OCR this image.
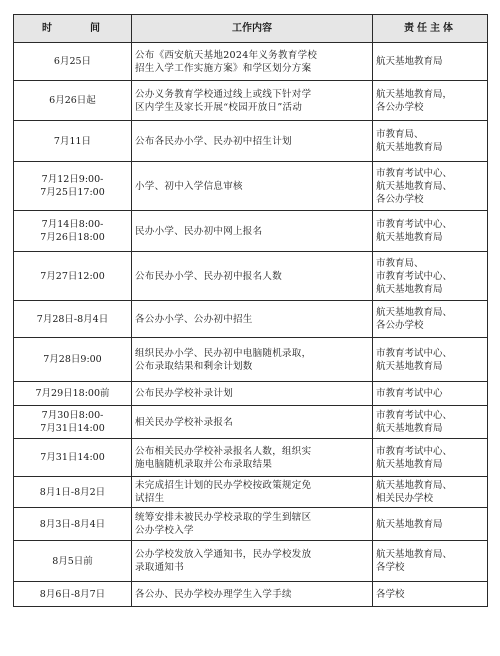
时　间	工作内容	责任主体

6月25日	公布《西安航天基地2024年义务教育学校
招生入学工作实施方案》和学区划分方案	航天基地教育局

6月26日起	公办义务教育学校通过线上或线下针对学
区内学生及家长开展“校园开放日”活动	航天基地教育局，
各公办学校

7月11日	公布各民办小学、民办初中招生计划	市教育局、
航天基地教育局

7月12日9:00-
7月25日17:00	小学、初中入学信息审核	市教育考试中心、
航天基地教育局、
各公办学校

7月14日8:00-
7月26日18:00	民办小学、民办初中网上报名	市教育考试中心、
航天基地教育局

7月27日12:00	公布民办小学、民办初中报名人数	市教育局、
市教育考试中心、
航天基地教育局

7月28日-8月4日	各公办小学、公办初中招生	航天基地教育局、
各公办学校

7月28日9:00	组织民办小学、民办初中电脑随机录取，
公布录取结果和剩余计划数	市教育考试中心、
航天基地教育局

7月29日18:00前	公布民办学校补录计划	市教育考试中心

7月30日8:00-
7月31日14:00	相关民办学校补录报名	市教育考试中心、
航天基地教育局

7月31日14:00	公布相关民办学校补录报名人数，组织实
施电脑随机录取并公布录取结果	市教育考试中心、
航天基地教育局

8月1日-8月2日	未完成招生计划的民办学校按政策规定免
试招生	航天基地教育局、
相关民办学校

8月3日-8月4日	统筹安排未被民办学校录取的学生到辖区
公办学校入学	航天基地教育局

8月5日前	公办学校发放入学通知书，民办学校发放
录取通知书	航天基地教育局、
各学校

8月6日-8月7日	各公办、民办学校办理学生入学手续	各学校
